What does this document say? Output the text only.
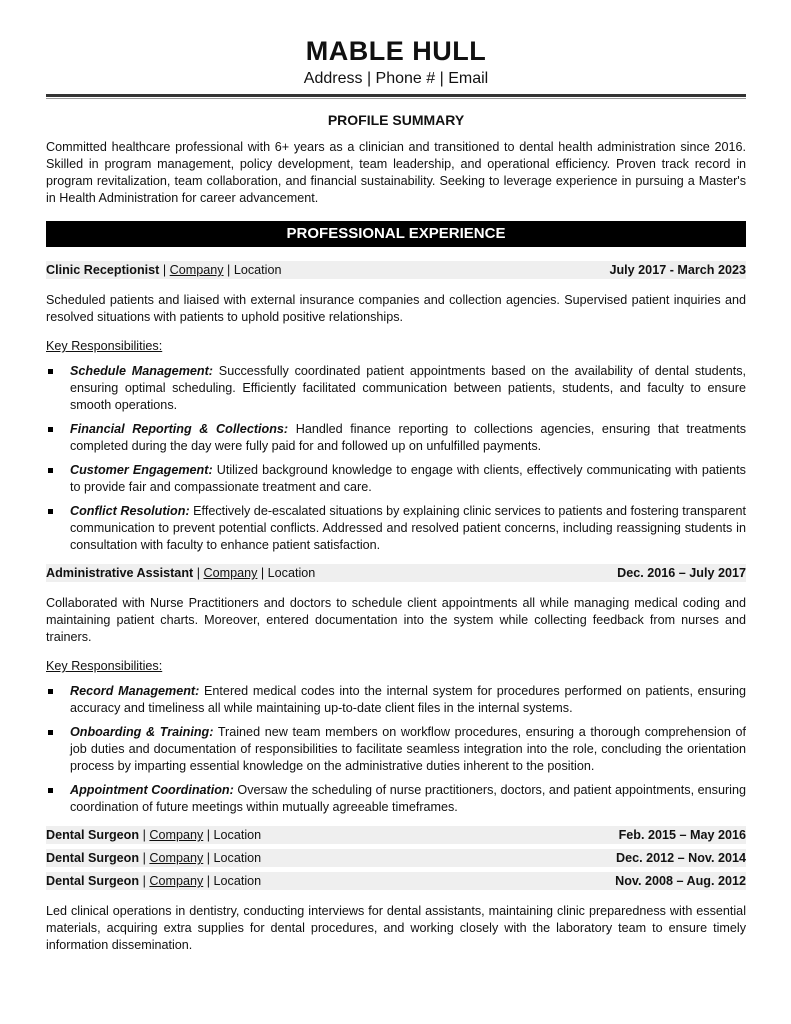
MABLE HULL
Address | Phone # | Email
PROFILE SUMMARY
Committed healthcare professional with 6+ years as a clinician and transitioned to dental health administration since 2016. Skilled in program management, policy development, team leadership, and operational efficiency. Proven track record in program revitalization, team collaboration, and financial sustainability. Seeking to leverage experience in pursuing a Master's in Health Administration for career advancement.
PROFESSIONAL EXPERIENCE
Clinic Receptionist | Company | Location	July 2017 - March 2023
Scheduled patients and liaised with external insurance companies and collection agencies. Supervised patient inquiries and resolved situations with patients to uphold positive relationships.
Key Responsibilities:
Schedule Management: Successfully coordinated patient appointments based on the availability of dental students, ensuring optimal scheduling. Efficiently facilitated communication between patients, students, and faculty to ensure smooth operations.
Financial Reporting & Collections: Handled finance reporting to collections agencies, ensuring that treatments completed during the day were fully paid for and followed up on unfulfilled payments.
Customer Engagement: Utilized background knowledge to engage with clients, effectively communicating with patients to provide fair and compassionate treatment and care.
Conflict Resolution: Effectively de-escalated situations by explaining clinic services to patients and fostering transparent communication to prevent potential conflicts. Addressed and resolved patient concerns, including reassigning students in consultation with faculty to enhance patient satisfaction.
Administrative Assistant | Company | Location	Dec. 2016 – July 2017
Collaborated with Nurse Practitioners and doctors to schedule client appointments all while managing medical coding and maintaining patient charts. Moreover, entered documentation into the system while collecting feedback from nurses and trainers.
Key Responsibilities:
Record Management: Entered medical codes into the internal system for procedures performed on patients, ensuring accuracy and timeliness all while maintaining up-to-date client files in the internal systems.
Onboarding & Training: Trained new team members on workflow procedures, ensuring a thorough comprehension of job duties and documentation of responsibilities to facilitate seamless integration into the role, concluding the orientation process by imparting essential knowledge on the administrative duties inherent to the position.
Appointment Coordination: Oversaw the scheduling of nurse practitioners, doctors, and patient appointments, ensuring coordination of future meetings within mutually agreeable timeframes.
Dental Surgeon | Company | Location	Feb. 2015 – May 2016
Dental Surgeon | Company | Location	Dec. 2012 – Nov. 2014
Dental Surgeon | Company | Location	Nov. 2008 – Aug. 2012
Led clinical operations in dentistry, conducting interviews for dental assistants, maintaining clinic preparedness with essential materials, acquiring extra supplies for dental procedures, and working closely with the laboratory team to ensure timely information dissemination.
